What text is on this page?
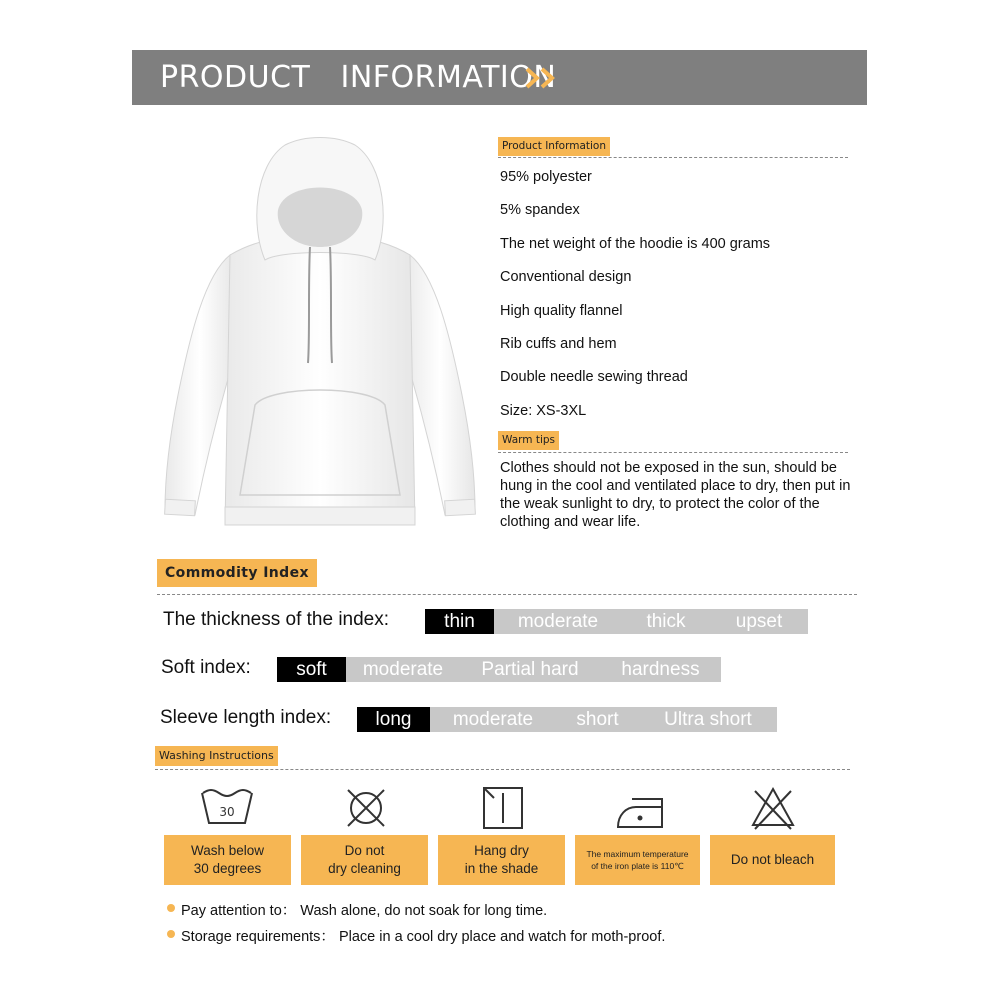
PRODUCT   INFORMATION
Product Information
95% polyester
5% spandex
The net weight of the hoodie is 400 grams
Conventional design
High quality flannel
Rib cuffs and hem
Double needle sewing thread
Size: XS-3XL
Warm tips
Clothes should not be exposed in the sun, should be hung in the cool and ventilated place to dry, then put in the weak sunlight to dry, to protect the color of the clothing and wear life.
Commodity Index
The thickness of the index:	thin	moderate	thick	upset
Soft index:	soft	moderate	Partial hard	hardness
Sleeve length index:	long	moderate	short	Ultra short
Washing Instructions
30
Wash below
30 degrees
Do not
dry cleaning
Hang dry
in the shade
The maximum temperature
of the iron plate is 110℃	Do not bleach
Pay attention to： Wash alone, do not soak for long time.
Storage requirements： Place in a cool dry place and watch for moth-proof.
